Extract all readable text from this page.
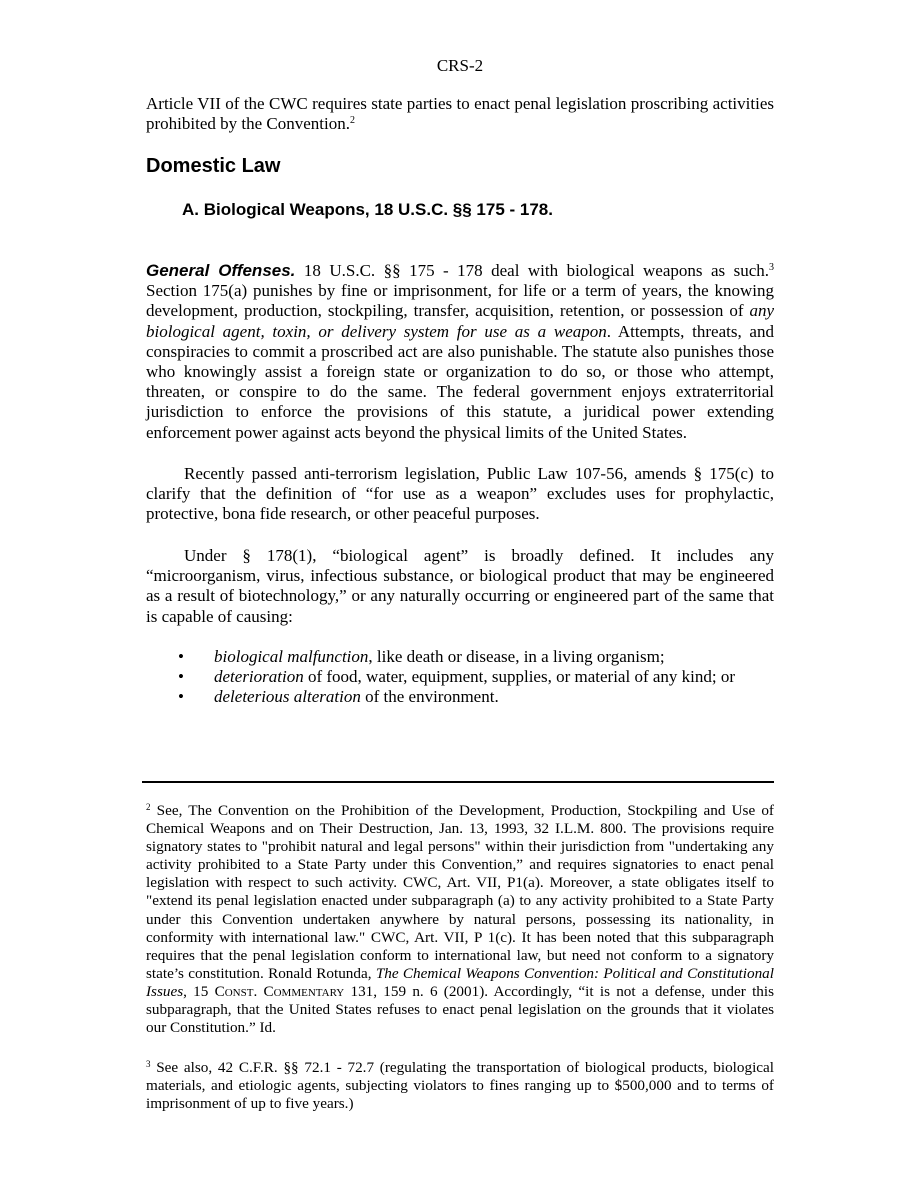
CRS-2

Article VII of the CWC requires state parties to enact penal legislation proscribing activities prohibited by the Convention.$^2$

Domestic Law
A. Biological Weapons, 18 U.S.C. §§ 175 - 178.

General Offenses. 18 U.S.C. §§ 175 - 178 deal with biological weapons as such.$^3$ Section 175(a) punishes by fine or imprisonment, for life or a term of years, the knowing development, production, stockpiling, transfer, acquisition, retention, or possession of any biological agent, toxin, or delivery system for use as a weapon. Attempts, threats, and conspiracies to commit a proscribed act are also punishable. The statute also punishes those who knowingly assist a foreign state or organization to do so, or those who attempt, threaten, or conspire to do the same. The federal government enjoys extraterritorial jurisdiction to enforce the provisions of this statute, a juridical power extending enforcement power against acts beyond the physical limits of the United States.

Recently passed anti-terrorism legislation, Public Law 107-56, amends § 175(c) to clarify that the definition of “for use as a weapon” excludes uses for prophylactic, protective, bona fide research, or other peaceful purposes.

Under § 178(1), “biological agent” is broadly defined. It includes any “microorganism, virus, infectious substance, or biological product that may be engineered as a result of biotechnology,” or any naturally occurring or engineered part of the same that is capable of causing:

• biological malfunction, like death or disease, in a living organism;
• deterioration of food, water, equipment, supplies, or material of any kind; or
• deleterious alteration of the environment.

$^2$ See, The Convention on the Prohibition of the Development, Production, Stockpiling and Use of Chemical Weapons and on Their Destruction, Jan. 13, 1993, 32 I.L.M. 800. The provisions require signatory states to "prohibit natural and legal persons" within their jurisdiction from "undertaking any activity prohibited to a State Party under this Convention,” and requires signatories to enact penal legislation with respect to such activity. CWC, Art. VII, P1(a). Moreover, a state obligates itself to "extend its penal legislation enacted under subparagraph (a) to any activity prohibited to a State Party under this Convention undertaken anywhere by natural persons, possessing its nationality, in conformity with international law." CWC, Art. VII, P 1(c). It has been noted that this subparagraph requires that the penal legislation conform to international law, but need not conform to a signatory state’s constitution. Ronald Rotunda, The Chemical Weapons Convention: Political and Constitutional Issues, 15 Const. Commentary 131, 159 n. 6 (2001). Accordingly, “it is not a defense, under this subparagraph, that the United States refuses to enact penal legislation on the grounds that it violates our Constitution.” Id.

$^3$ See also, 42 C.F.R. §§ 72.1 - 72.7 (regulating the transportation of biological products, biological materials, and etiologic agents, subjecting violators to fines ranging up to $500,000 and to terms of imprisonment of up to five years.)
